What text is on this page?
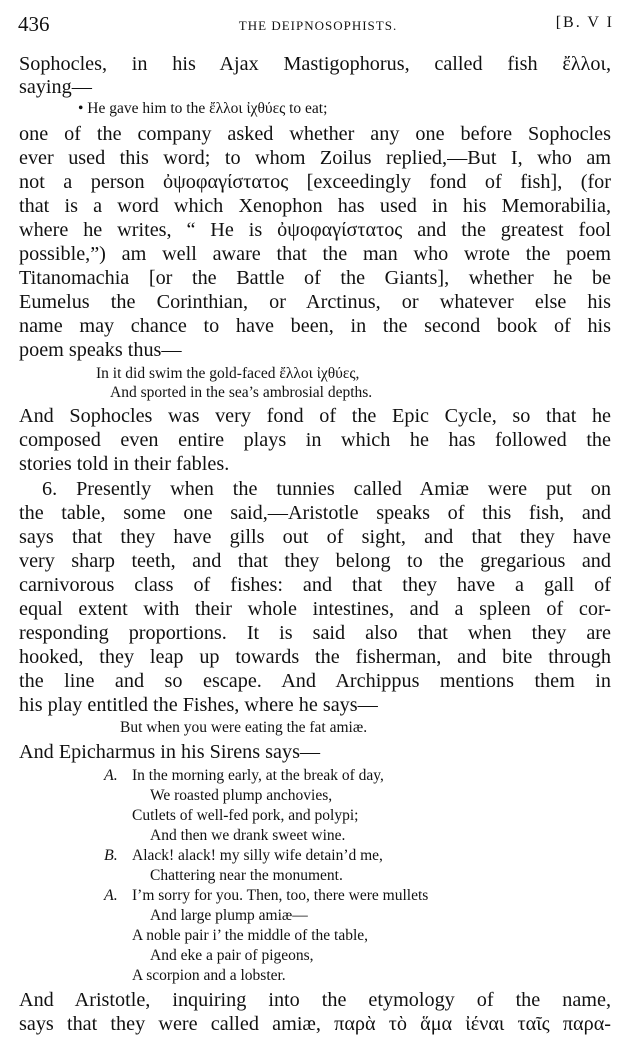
436	THE DEIPNOSOPHISTS.	[B. V I
Sophocles, in his Ajax Mastigophorus, called fish ἔλλοι,
saying—
• He gave him to the ἔλλοι ἰχθύες to eat;
one of the company asked whether any one before Sophocles
ever used this word; to whom Zoilus replied,—But I, who am
not a person ὀψοφαγίστατος [exceedingly fond of fish], (for
that is a word which Xenophon has used in his Memorabilia,
where he writes, “ He is ὀψοφαγίστατος and the greatest fool
possible,”) am well aware that the man who wrote the poem
Titanomachia [or the Battle of the Giants], whether he be
Eumelus the Corinthian, or Arctinus, or whatever else his
name may chance to have been, in the second book of his
poem speaks thus—
In it did swim the gold-faced ἔλλοι ἰχθύες,
And sported in the sea’s ambrosial depths.
And Sophocles was very fond of the Epic Cycle, so that he
composed even entire plays in which he has followed the
stories told in their fables.
6. Presently when the tunnies called Amiæ were put on
the table, some one said,—Aristotle speaks of this fish, and
says that they have gills out of sight, and that they have
very sharp teeth, and that they belong to the gregarious and
carnivorous class of fishes: and that they have a gall of
equal extent with their whole intestines, and a spleen of cor-
responding proportions. It is said also that when they are
hooked, they leap up towards the fisherman, and bite through
the line and so escape. And Archippus mentions them in
his play entitled the Fishes, where he says—
But when you were eating the fat amiæ.
And Epicharmus in his Sirens says—
A. In the morning early, at the break of day,
We roasted plump anchovies,
Cutlets of well-fed pork, and polypi;
And then we drank sweet wine.
B. Alack! alack! my silly wife detain’d me,
Chattering near the monument.
A. I’m sorry for you. Then, too, there were mullets
And large plump amiæ—
A noble pair i’ the middle of the table,
And eke a pair of pigeons,
A scorpion and a lobster.
And Aristotle, inquiring into the etymology of the name,
says that they were called amiæ, παρὰ τὸ ἅμα ἰέναι ταῖς παρα-
